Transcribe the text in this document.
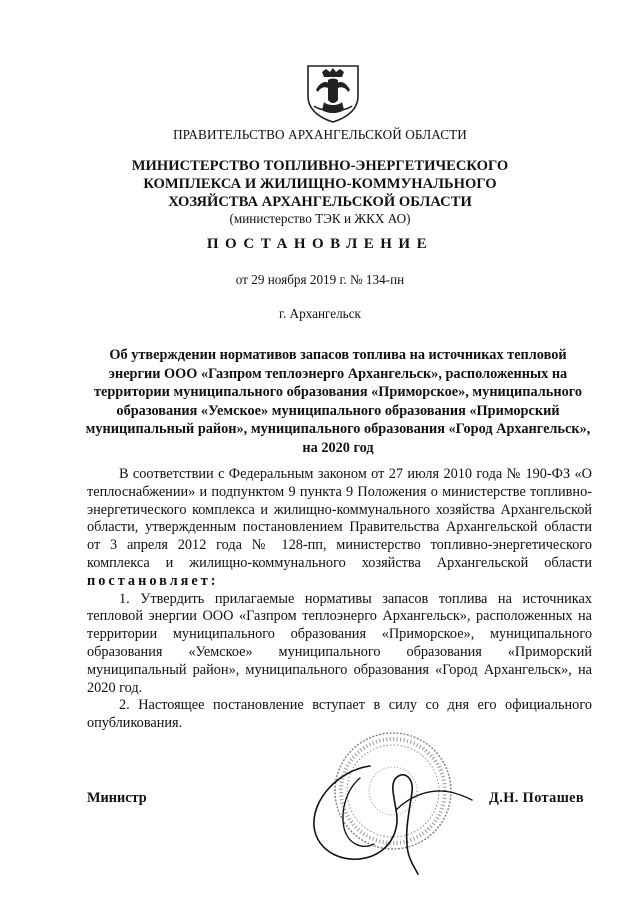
ПРАВИТЕЛЬСТВО АРХАНГЕЛЬСКОЙ ОБЛАСТИ
МИНИСТЕРСТВО ТОПЛИВНО-ЭНЕРГЕТИЧЕСКОГО
КОМПЛЕКСА И ЖИЛИЩНО-КОММУНАЛЬНОГО
ХОЗЯЙСТВА АРХАНГЕЛЬСКОЙ ОБЛАСТИ
(министерство ТЭК и ЖКХ АО)
ПОСТАНОВЛЕНИЕ
от 29 ноября 2019 г. № 134-пн
г. Архангельск
Об утверждении нормативов запасов топлива на источниках тепловой энергии ООО «Газпром теплоэнерго Архангельск», расположенных на территории муниципального образования «Приморское», муниципального образования «Уемское» муниципального образования «Приморский муниципальный район», муниципального образования «Город Архангельск», на 2020 год

В соответствии с Федеральным законом от 27 июля 2010 года № 190-ФЗ «О теплоснабжении» и подпунктом 9 пункта 9 Положения о министерстве топливно-энергетического комплекса и жилищно-коммунального хозяйства Архангельской области, утвержденным постановлением Правительства Архангельской области от 3 апреля 2012 года № 128-пп, министерство топливно-энергетического комплекса и жилищно-коммунального хозяйства Архангельской области постановляет:

1. Утвердить прилагаемые нормативы запасов топлива на источниках тепловой энергии ООО «Газпром теплоэнерго Архангельск», расположенных на территории муниципального образования «Приморское», муниципального образования «Уемское» муниципального образования «Приморский муниципальный район», муниципального образования «Город Архангельск», на 2020 год.

2. Настоящее постановление вступает в силу со дня его официального опубликования.

Министр	Д.Н. Поташев
